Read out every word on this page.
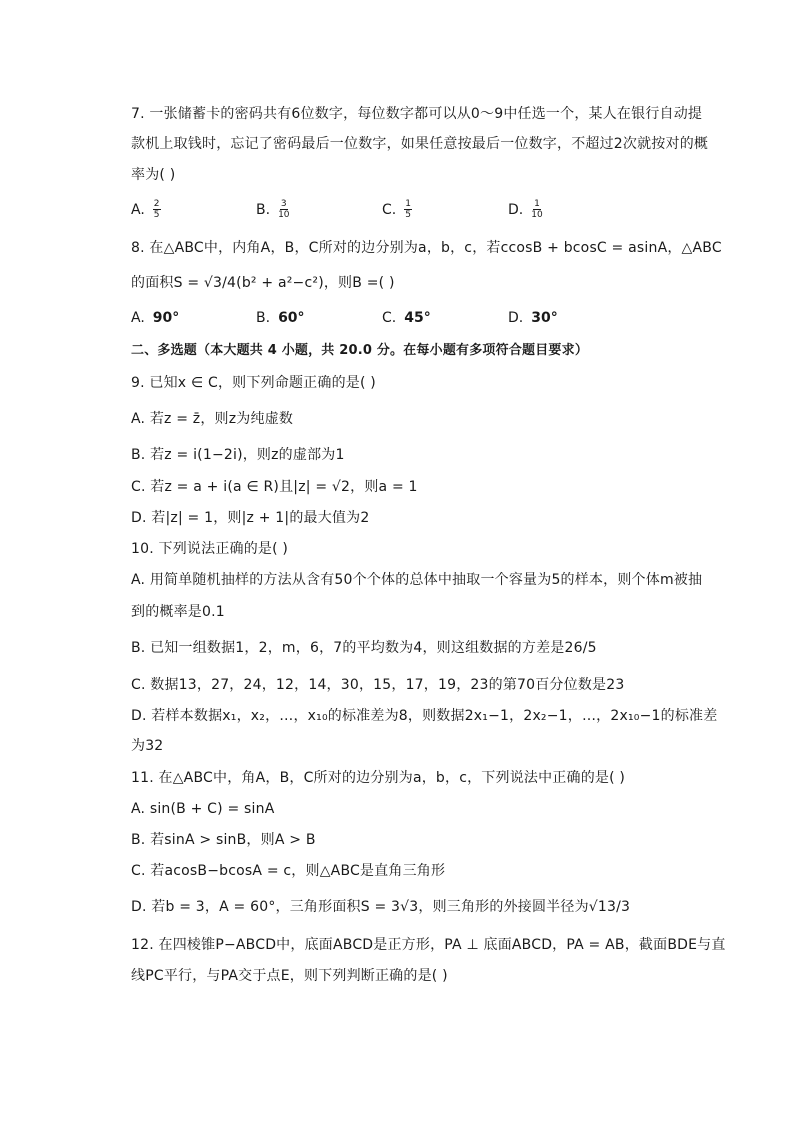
7. 一张储蓄卡的密码共有6位数字，每位数字都可以从0～9中任选一个，某人在银行自动提
款机上取钱时，忘记了密码最后一位数字，如果任意按最后一位数字，不超过2次就按对的概
率为( )
A. $\frac{2}{5}$	B. $\frac{3}{10}$	C. $\frac{1}{5}$	D. $\frac{1}{10}$
8. 在△ABC中，内角A，B，C所对的边分别为a，b，c，若ccosB + bcosC = asinA，△ABC
的面积S = √3/4(b² + a²−c²)，则B =( )
A. 90°	B. 60°	C. 45°	D. 30°
二、多选题（本大题共 4 小题，共 20.0 分。在每小题有多项符合题目要求）
9. 已知x ∈ C，则下列命题正确的是( )
A. 若z = z̄，则z为纯虚数
B. 若z = i(1−2i)，则z的虚部为1
C. 若z = a + i(a ∈ R)且|z| = √2，则a = 1
D. 若|z| = 1，则|z + 1|的最大值为2
10. 下列说法正确的是( )
A. 用简单随机抽样的方法从含有50个个体的总体中抽取一个容量为5的样本，则个体m被抽
到的概率是0.1
B. 已知一组数据1，2，m，6，7的平均数为4，则这组数据的方差是26/5
C. 数据13，27，24，12，14，30，15，17，19，23的第70百分位数是23
D. 若样本数据x₁，x₂，…，x₁₀的标准差为8，则数据2x₁−1，2x₂−1，…，2x₁₀−1的标准差
为32
11. 在△ABC中，角A，B，C所对的边分别为a，b，c，下列说法中正确的是( )
A. sin(B + C) = sinA
B. 若sinA > sinB，则A > B
C. 若acosB−bcosA = c，则△ABC是直角三角形
D. 若b = 3，A = 60°，三角形面积S = 3√3，则三角形的外接圆半径为√13/3
12. 在四棱锥P−ABCD中，底面ABCD是正方形，PA ⊥ 底面ABCD，PA = AB，截面BDE与直
线PC平行，与PA交于点E，则下列判断正确的是( )
